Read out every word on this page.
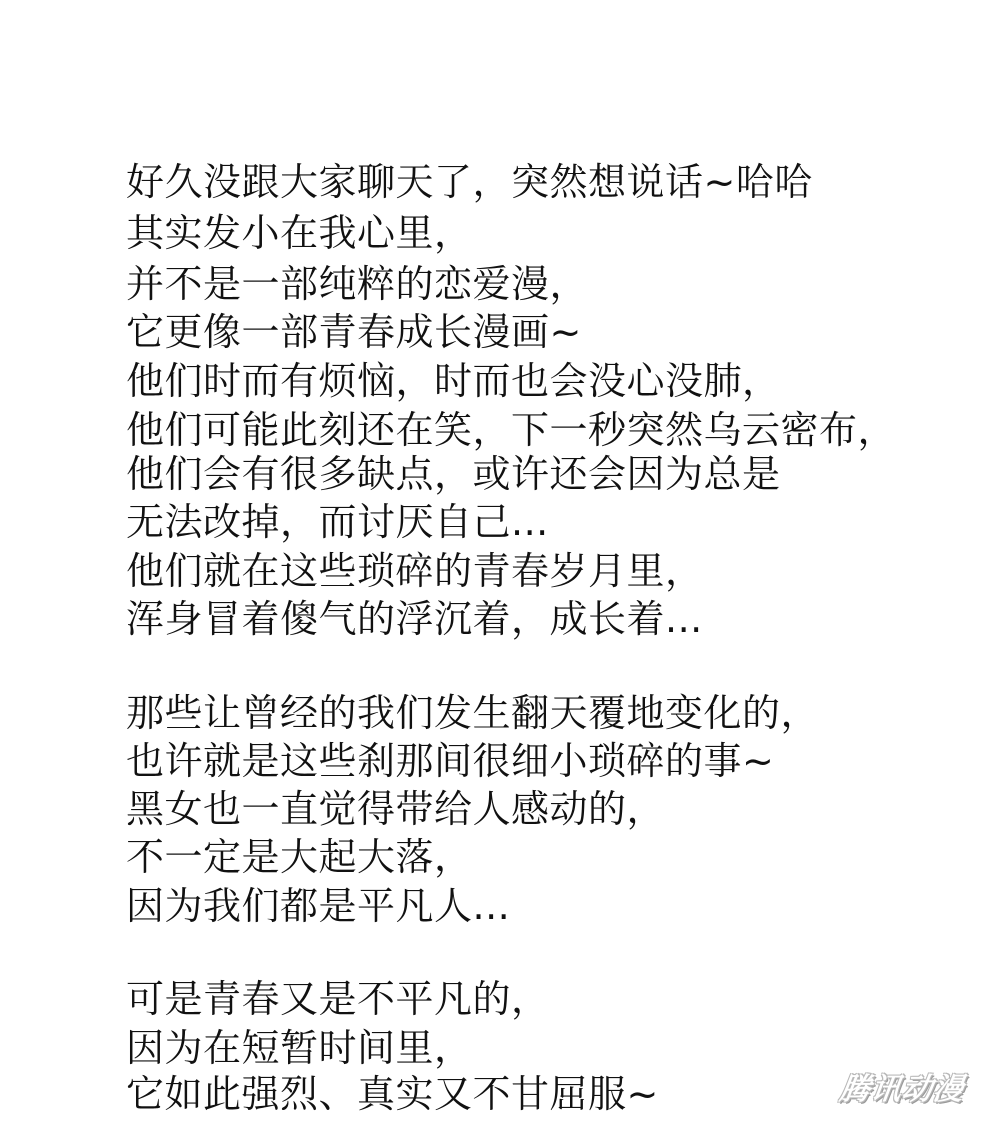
好久没跟大家聊天了，突然想说话~哈哈
其实发小在我心里，
并不是一部纯粹的恋爱漫，
它更像一部青春成长漫画~
他们时而有烦恼，时而也会没心没肺，
他们可能此刻还在笑，下一秒突然乌云密布，
他们会有很多缺点，或许还会因为总是
无法改掉，而讨厌自己...
他们就在这些琐碎的青春岁月里，
浑身冒着傻气的浮沉着，成长着...
那些让曾经的我们发生翻天覆地变化的，
也许就是这些刹那间很细小琐碎的事~
黑女也一直觉得带给人感动的，
不一定是大起大落，
因为我们都是平凡人...
可是青春又是不平凡的，
因为在短暂时间里，
它如此强烈、真实又不甘屈服~	腾讯动漫
